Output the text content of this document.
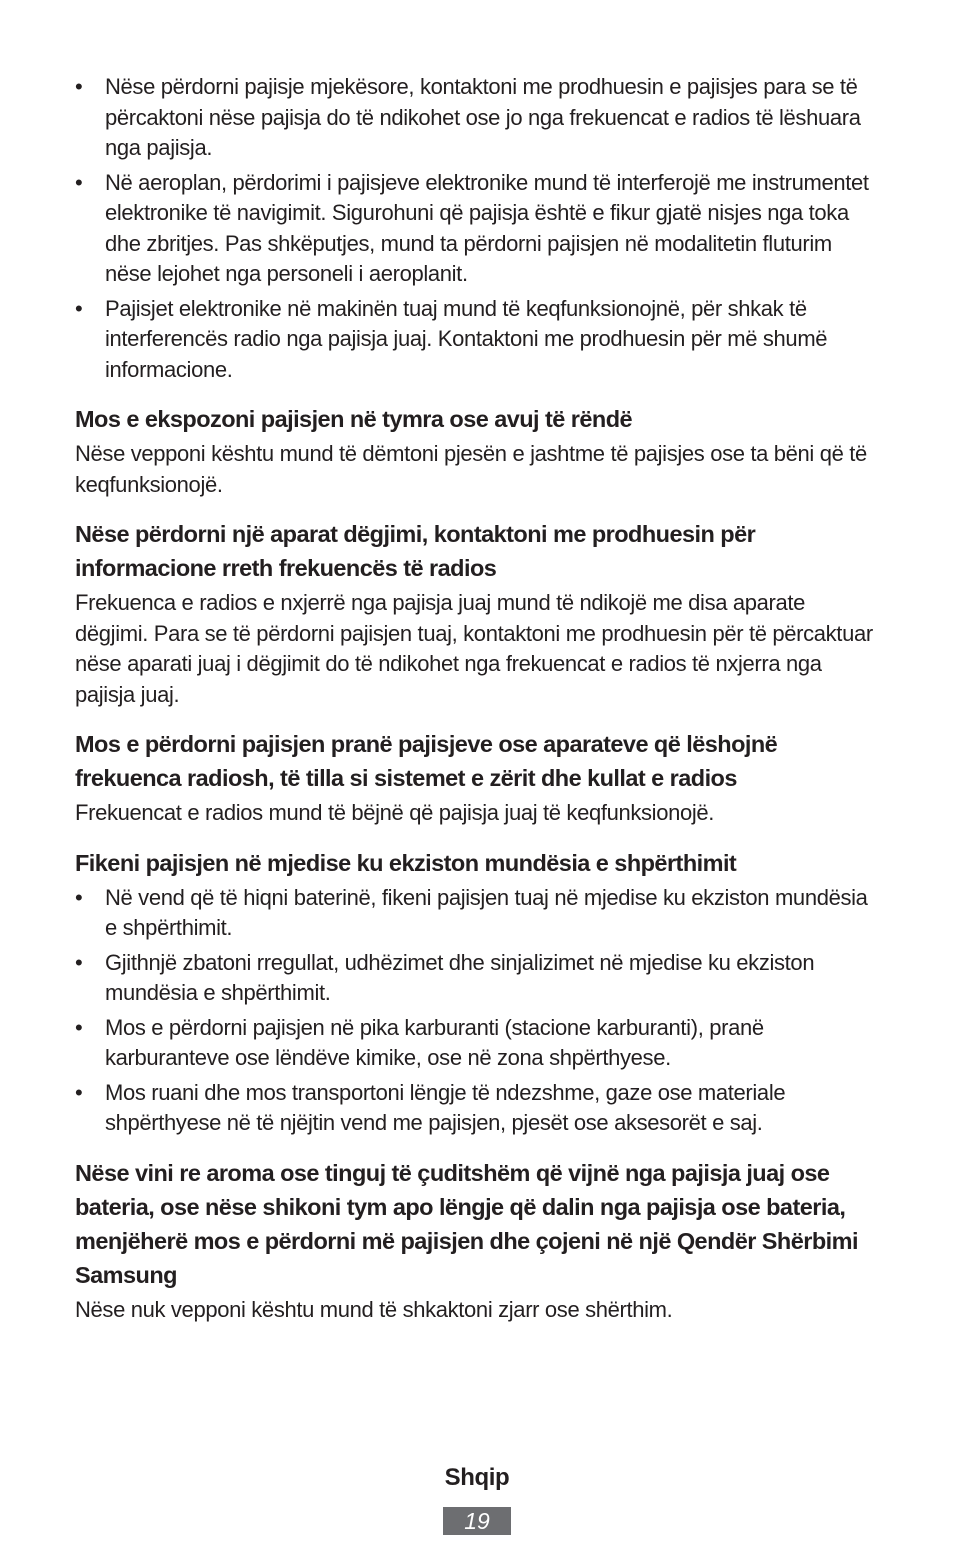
•	Nëse përdorni pajisje mjekësore, kontaktoni me prodhuesin e pajisjes para se të përcaktoni nëse pajisja do të ndikohet ose jo nga frekuencat e radios të lëshuara nga pajisja.
•	Në aeroplan, përdorimi i pajisjeve elektronike mund të interferojë me instrumentet elektronike të navigimit. Sigurohuni që pajisja është e fikur gjatë nisjes nga toka dhe zbritjes. Pas shkëputjes, mund ta përdorni pajisjen në modalitetin fluturim nëse lejohet nga personeli i aeroplanit.
•	Pajisjet elektronike në makinën tuaj mund të keqfunksionojnë, për shkak të interferencës radio nga pajisja juaj. Kontaktoni me prodhuesin për më shumë informacione.
Mos e ekspozoni pajisjen në tymra ose avuj të rëndë

Nëse vepроni kështu mund të dëmtoni pjesën e jashtme të pajisjes ose ta bëni që të keqfunksionojë.

Nëse përdorni një aparat dëgjimi, kontaktoni me prodhuesin për informacione rreth frekuencës të radios

Frekuenca e radios e nxjerrë nga pajisja juaj mund të ndikojë me disa aparate dëgjimi. Para se të përdorni pajisjen tuaj, kontaktoni me prodhuesin për të përcaktuar nëse aparati juaj i dëgjimit do të ndikohet nga frekuencat e radios të nxjerra nga pajisja juaj.

Mos e përdorni pajisjen pranë pajisjeve ose aparateve që lëshojnë frekuenca radiosh, të tilla si sistemet e zërit dhe kullat e radios

Frekuencat e radios mund të bëjnë që pajisja juaj të keqfunksionojë.

Fikeni pajisjen në mjedise ku ekziston mundësia e shpërthimit
•	Në vend që të hiqni baterinë, fikeni pajisjen tuaj në mjedise ku ekziston mundësia e shpërthimit.
•	Gjithnjë zbatoni rregullat, udhëzimet dhe sinjalizimet në mjedise ku ekziston mundësia e shpërthimit.
•	Mos e përdorni pajisjen në pika karburanti (stacione karburanti), pranë karburanteve ose lëndëve kimike, ose në zona shpërthyese.
•	Mos ruani dhe mos transportoni lëngje të ndezshme, gaze ose materiale shpërthyese në të njëjtin vend me pajisjen, pjesët ose aksesorët e saj.
Nëse vini re aroma ose tinguj të çuditshëm që vijnë nga pajisja juaj ose bateria, ose nëse shikoni tym apo lëngje që dalin nga pajisja ose bateria, menjëherë mos e përdorni më pajisjen dhe çojeni në një Qendër Shërbimi Samsung

Nëse nuk vepроni kështu mund të shkaktoni zjarr ose shërthim.

Shqip
19
